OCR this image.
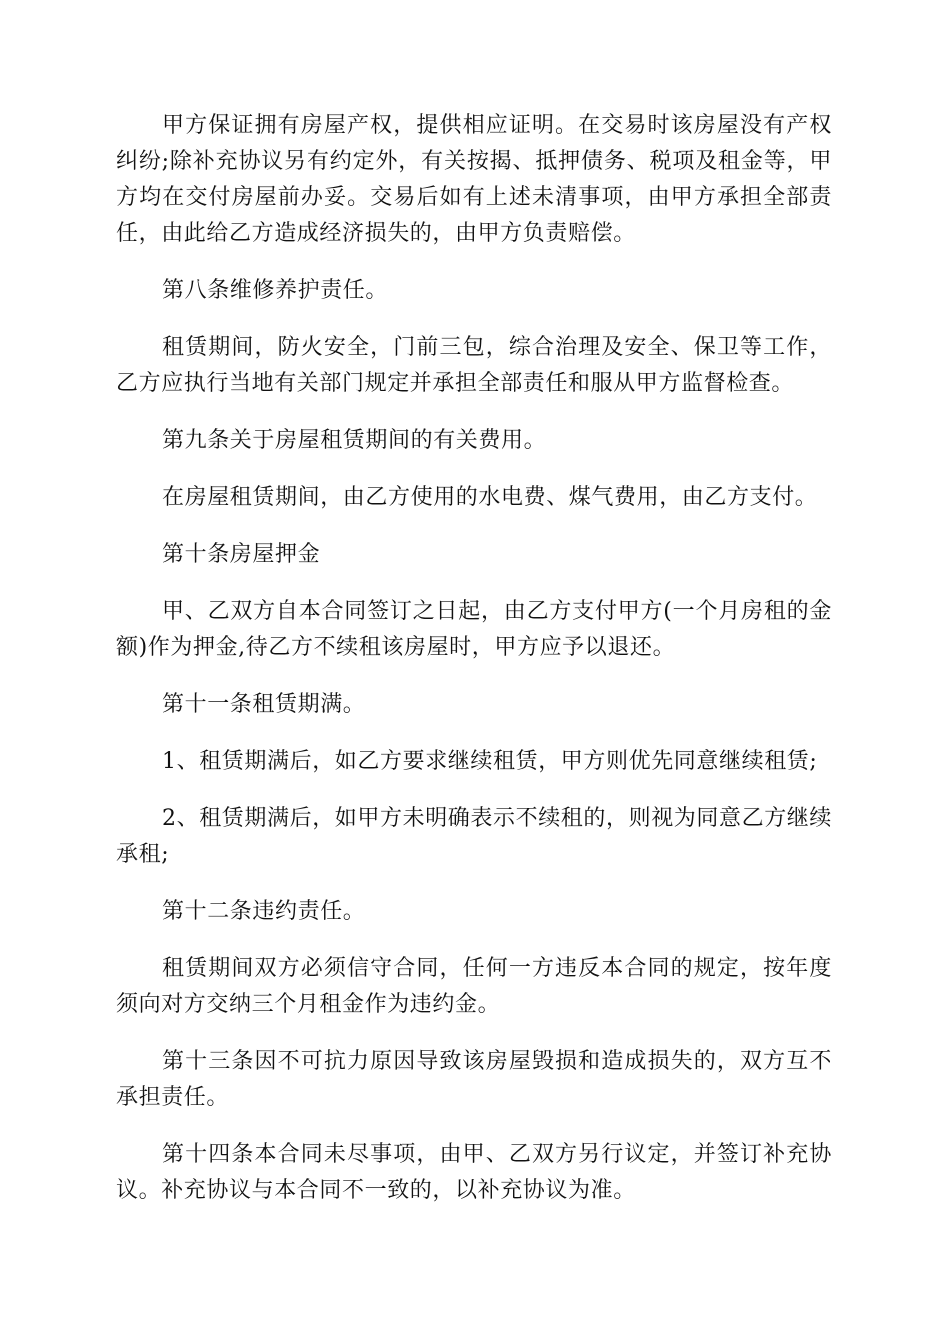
甲方保证拥有房屋产权，提供相应证明。在交易时该房屋没有产权纠纷;除补充协议另有约定外，有关按揭、抵押债务、税项及租金等，甲方均在交付房屋前办妥。交易后如有上述未清事项，由甲方承担全部责任，由此给乙方造成经济损失的，由甲方负责赔偿。

第八条维修养护责任。

租赁期间，防火安全，门前三包，综合治理及安全、保卫等工作，乙方应执行当地有关部门规定并承担全部责任和服从甲方监督检查。

第九条关于房屋租赁期间的有关费用。

在房屋租赁期间，由乙方使用的水电费、煤气费用，由乙方支付。

第十条房屋押金

甲、乙双方自本合同签订之日起，由乙方支付甲方(一个月房租的金额)作为押金,待乙方不续租该房屋时，甲方应予以退还。

第十一条租赁期满。

1、租赁期满后，如乙方要求继续租赁，甲方则优先同意继续租赁;

2、租赁期满后，如甲方未明确表示不续租的，则视为同意乙方继续承租;

第十二条违约责任。

租赁期间双方必须信守合同，任何一方违反本合同的规定，按年度须向对方交纳三个月租金作为违约金。

第十三条因不可抗力原因导致该房屋毁损和造成损失的，双方互不承担责任。

第十四条本合同未尽事项，由甲、乙双方另行议定，并签订补充协议。补充协议与本合同不一致的，以补充协议为准。
